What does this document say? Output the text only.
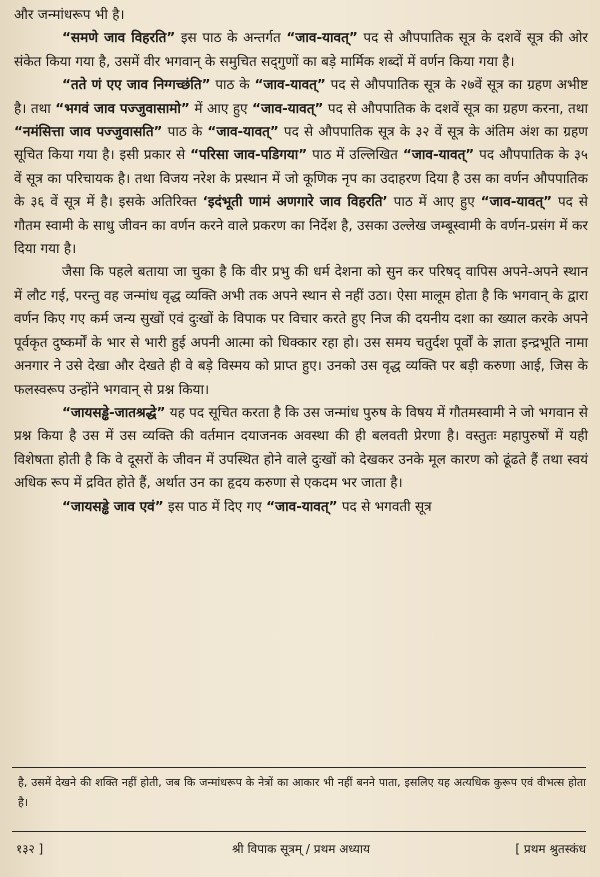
और जन्मांधरूप भी है।

“समणे जाव विहरति” इस पाठ के अन्तर्गत “जाव-यावत्” पद से औपपातिक सूत्र के दशवें सूत्र की ओर संकेत किया गया है, उसमें वीर भगवान् के समुचित सद्‌गुणों का बड़े मार्मिक शब्दों में वर्णन किया गया है।

“तते णं एए जाव निग्गच्छंति” पाठ के “जाव-यावत्” पद से औपपातिक सूत्र के २७वें सूत्र का ग्रहण अभीष्ट है। तथा “भगवं जाव पज्जुवासामो” में आए हुए “जाव-यावत्” पद से औपपातिक के दशवें सूत्र का ग्रहण करना, तथा “नमंसित्ता जाव पज्जुवासति” पाठ के “जाव-यावत्” पद से औपपातिक सूत्र के ३२ वें सूत्र के अंतिम अंश का ग्रहण सूचित किया गया है। इसी प्रकार से “परिसा जाव-पडिगया” पाठ में उल्लिखित “जाव-यावत्” पद औपपातिक के ३५ वें सूत्र का परिचायक है। तथा विजय नरेश के प्रस्थान में जो कूणिक नृप का उदाहरण दिया है उस का वर्णन औपपातिक के ३६ वें सूत्र में है। इसके अतिरिक्त ‘इदंभूती णामं अणगारे जाव विहरति’ पाठ में आए हुए “जाव-यावत्” पद से गौतम स्वामी के साधु जीवन का वर्णन करने वाले प्रकरण का निर्देश है, उसका उल्लेख जम्बूस्वामी के वर्णन-प्रसंग में कर दिया गया है।

जैसा कि पहले बताया जा चुका है कि वीर प्रभु की धर्म देशना को सुन कर परिषद् वापिस अपने-अपने स्थान में लौट गई, परन्तु वह जन्मांध वृद्ध व्यक्ति अभी तक अपने स्थान से नहीं उठा। ऐसा मालूम होता है कि भगवान् के द्वारा वर्णन किए गए कर्म जन्य सुखों एवं दुःखों के विपाक पर विचार करते हुए निज की दयनीय दशा का ख्याल करके अपने पूर्वकृत दुष्कर्मों के भार से भारी हुई अपनी आत्मा को धिक्कार रहा हो। उस समय चतुर्दश पूर्वों के ज्ञाता इन्द्रभूति नामा अनगार ने उसे देखा और देखते ही वे बड़े विस्मय को प्राप्त हुए। उनको उस वृद्ध व्यक्ति पर बड़ी करुणा आई, जिस के फलस्वरूप उन्होंने भगवान् से प्रश्न किया।

“जायसड्ढे-जातश्रद्धे” यह पद सूचित करता है कि उस जन्मांध पुरुष के विषय में गौतमस्वामी ने जो भगवान से प्रश्न किया है उस में उस व्यक्ति की वर्तमान दयाजनक अवस्था की ही बलवती प्रेरणा है। वस्तुतः महापुरुषों में यही विशेषता होती है कि वे दूसरों के जीवन में उपस्थित होने वाले दुःखों को देखकर उनके मूल कारण को ढूंढते हैं तथा स्वयं अधिक रूप में द्रवित होते हैं, अर्थात उन का हृदय करुणा से एकदम भर जाता है।

“जायसड्ढे जाव एवं” इस पाठ में दिए गए “जाव-यावत्” पद से भगवती सूत्र

है, उसमें देखने की शक्ति नहीं होती, जब कि जन्मांधरूप के नेत्रों का आकार भी नहीं बनने पाता, इसलिए यह अत्यधिक कुरूप एवं वीभत्स होता है।
१३२ ]	श्री विपाक सूत्रम् / प्रथम अध्याय	[ प्रथम श्रुतस्कंध
